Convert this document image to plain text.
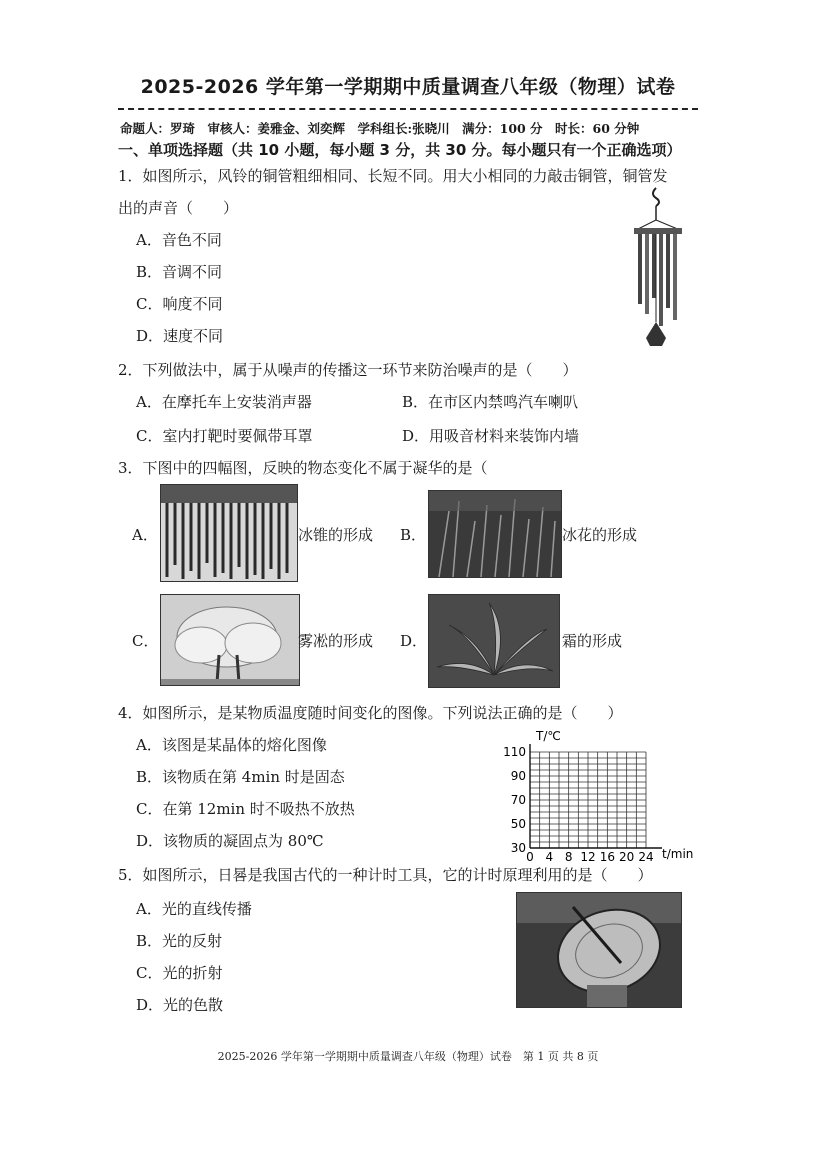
2025-2026 学年第一学期期中质量调查八年级（物理）试卷
命题人：罗琦　审核人：姜雅金、刘奕辉　学科组长:张晓川　满分：100 分　时长：60 分钟
一、单项选择题（共 10 小题，每小题 3 分，共 30 分。每小题只有一个正确选项）
1．如图所示，风铃的铜管粗细相同、长短不同。用大小相同的力敲击铜管，铜管发
出的声音（　　）
A．音色不同
B．音调不同
C．响度不同
D．速度不同
2．下列做法中，属于从噪声的传播这一环节来防治噪声的是（　　）
A．在摩托车上安装消声器	B．在市区内禁鸣汽车喇叭
C．室内打靶时要佩带耳罩	D．用吸音材料来装饰内墙
3．下图中的四幅图，反映的物态变化不属于凝华的是（
A．	冰锥的形成 B．	冰花的形成
C．	雾凇的形成 D．	霜的形成
4．如图所示，是某物质温度随时间变化的图像。下列说法正确的是（　　）
A．该图是某晶体的熔化图像
B．该物质在第 4min 时是固态
C．在第 12min 时不吸热不放热
D．该物质的凝固点为 80℃	30
50
70
90
110
0 4 8 12 16 20 24
T/℃
t/min
5．如图所示，日晷是我国古代的一种计时工具，它的计时原理利用的是（　　）
A．光的直线传播
B．光的反射
C．光的折射
D．光的色散
2025-2026 学年第一学期期中质量调查八年级（物理）试卷　第 1 页 共 8 页
